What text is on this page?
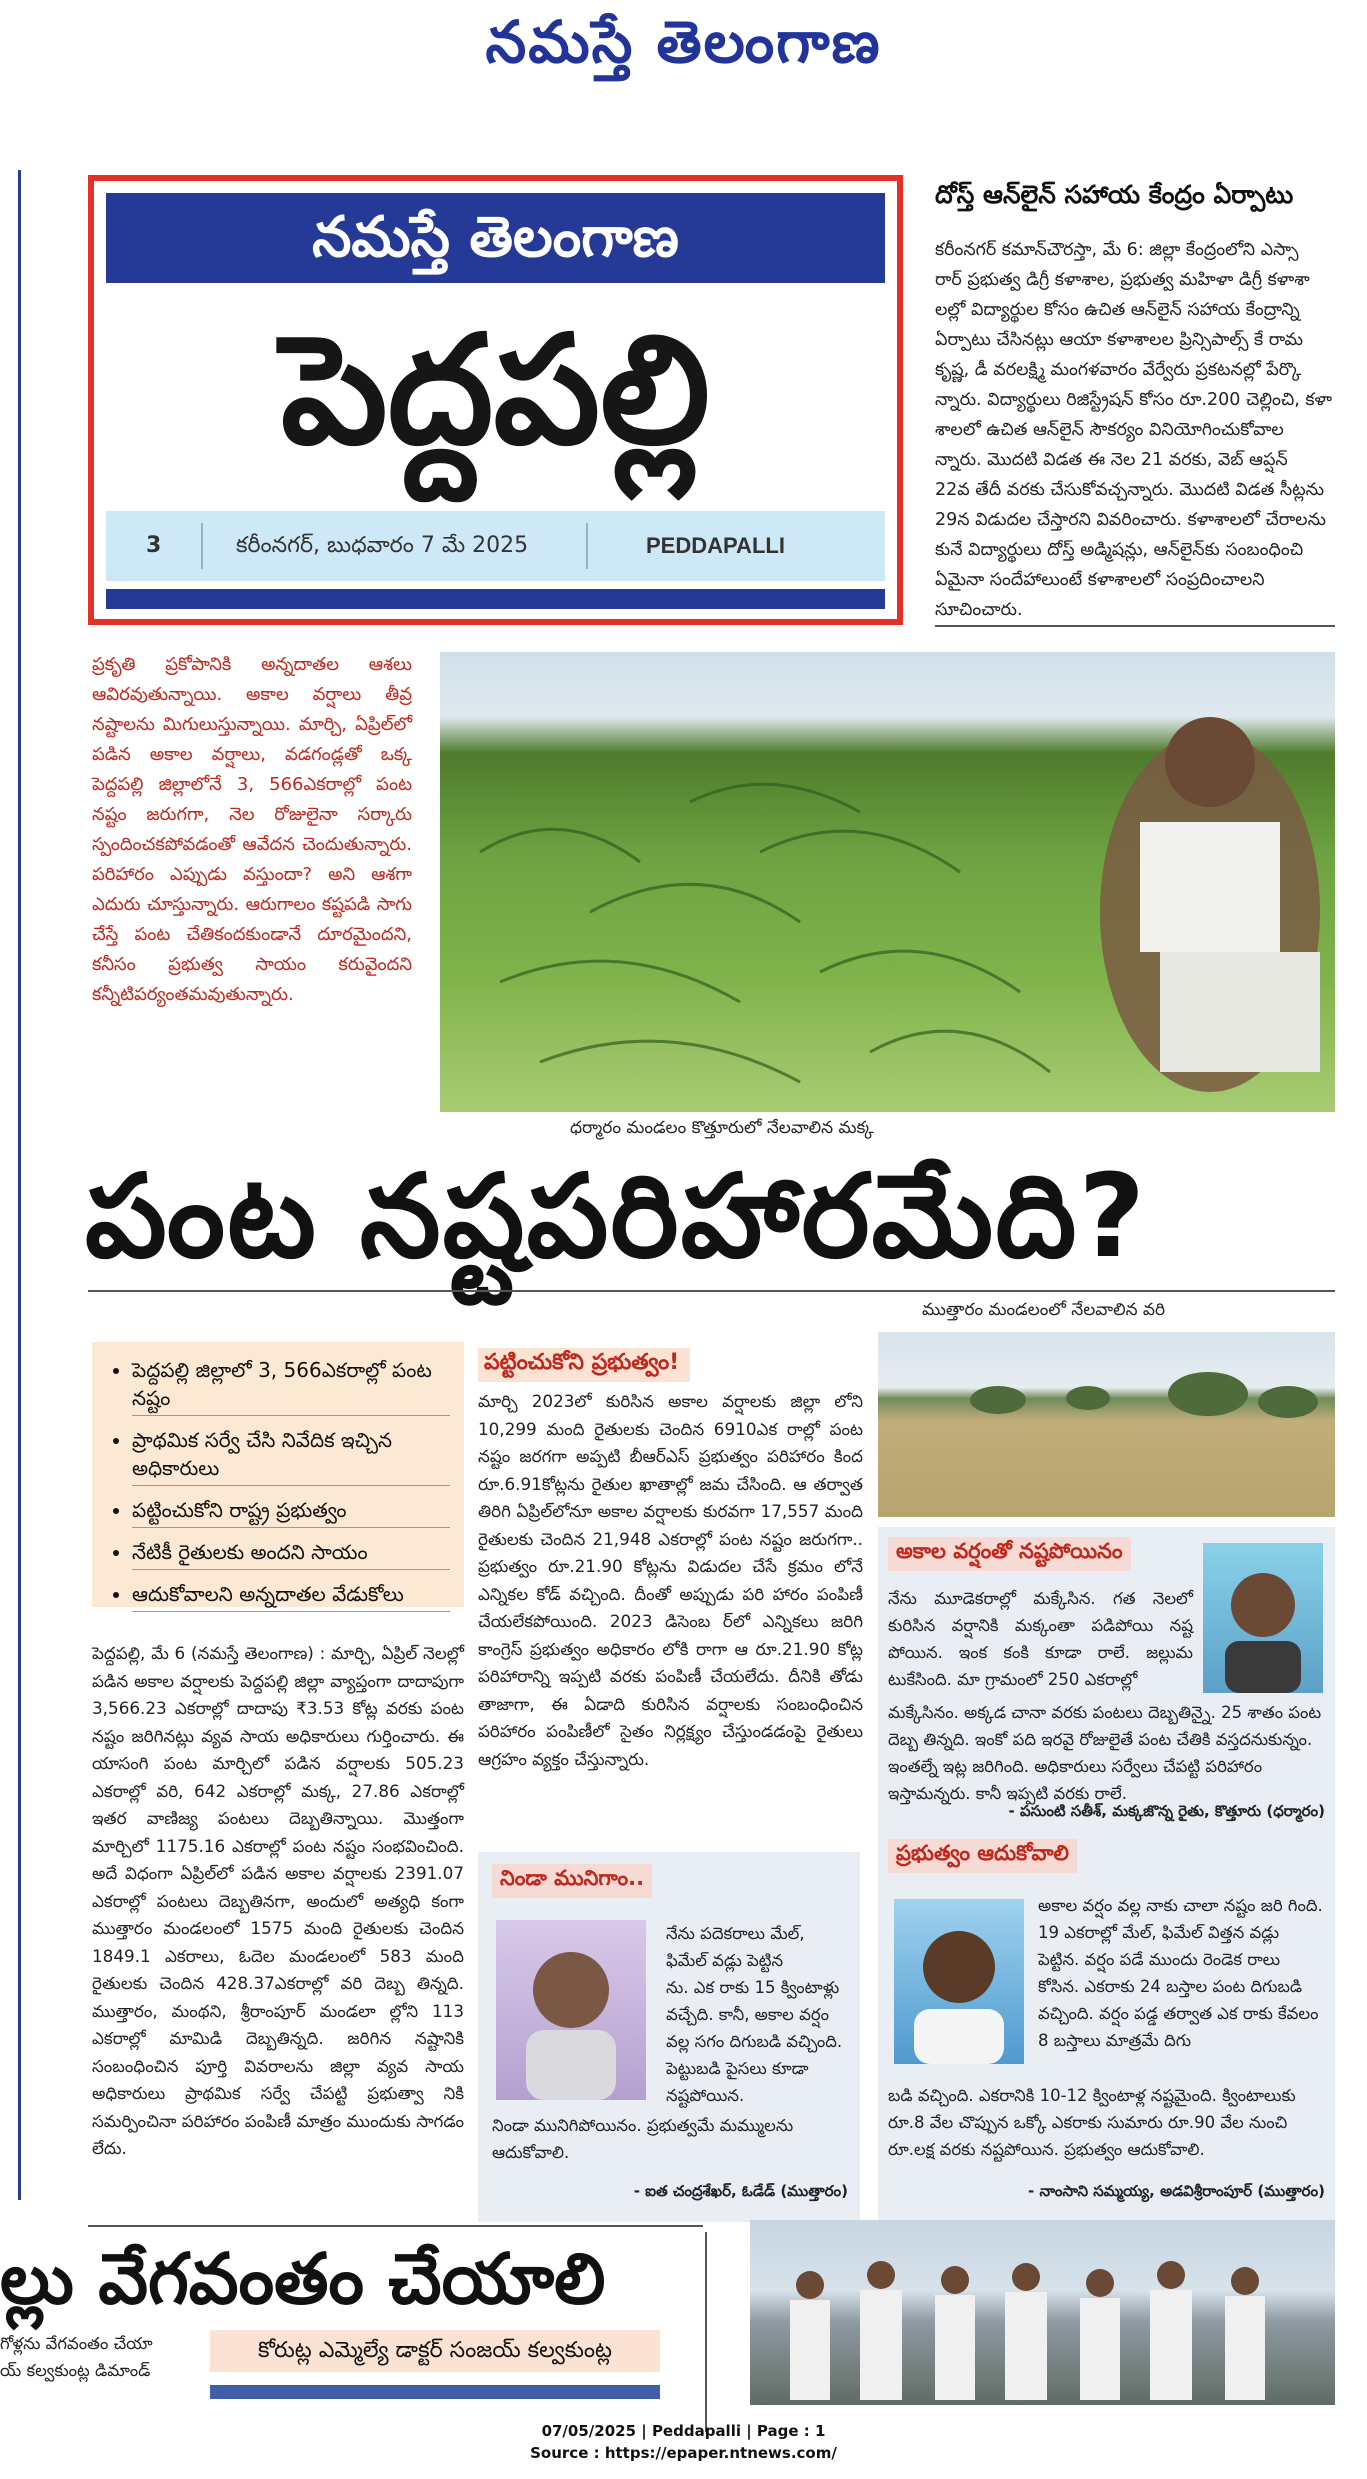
నమస్తే తెలంగాణ
నమస్తే తెలంగాణ
పెద్దపల్లి
3	కరీంనగర్, బుధవారం 7 మే 2025	PEDDAPALLI
దోస్త్ ఆన్‌లైన్ సహాయ కేంద్రం ఏర్పాటు
కరీంనగర్ కమాన్‌చౌరస్తా, మే 6: జిల్లా కేంద్రంలోని ఎస్సా
రార్ ప్రభుత్వ డిగ్రీ కళాశాల, ప్రభుత్వ మహిళా డిగ్రీ కళాశా
లల్లో విద్యార్థుల కోసం ఉచిత ఆన్‌లైన్ సహాయ కేంద్రాన్ని
ఏర్పాటు చేసినట్లు ఆయా కళాశాలల ప్రిన్సిపాల్స్ కే రామ
కృష్ణ, డీ వరలక్ష్మి మంగళవారం వేర్వేరు ప్రకటనల్లో పేర్కొ
న్నారు. విద్యార్థులు రిజిస్ట్రేషన్ కోసం రూ.200 చెల్లించి, కళా
శాలలో ఉచిత ఆన్‌లైన్ సౌకర్యం వినియోగించుకోవాల
న్నారు. మొదటి విడత ఈ నెల 21 వరకు, వెబ్ ఆప్షన్
22వ తేదీ వరకు చేసుకోవచ్చన్నారు. మొదటి విడత సీట్లను
29న విడుదల చేస్తారని వివరించారు. కళాశాలలో చేరాలను
కునే విద్యార్థులు దోస్త్ అడ్మిషన్లు, ఆన్‌లైన్‌కు సంబంధించి
ఏమైనా సందేహాలుంటే కళాశాలలో సంప్రదించాలని
సూచించారు.
ప్రకృతి ప్రకోపానికి అన్నదాతల ఆశలు ఆవిరవుతున్నాయి. అకాల వర్షాలు తీవ్ర నష్టాలను మిగులుస్తున్నాయి. మార్చి, ఏప్రిల్‌లో పడిన అకాల వర్షాలు, వడగండ్లతో ఒక్క పెద్దపల్లి జిల్లాలోనే 3, 566ఎకరాల్లో పంట నష్టం జరుగగా, నెల రోజులైనా సర్కారు స్పందించకపోవడంతో ఆవేదన చెందుతున్నారు. పరిహారం ఎప్పుడు వస్తుందా? అని ఆశగా ఎదురు చూస్తున్నారు. ఆరుగాలం కష్టపడి సాగు చేస్తే పంట చేతికందకుండానే దూరమైందని, కనీసం ప్రభుత్వ సాయం కరువైందని కన్నీటిపర్యంతమవుతున్నారు.
ధర్మారం మండలం కొత్తూరులో నేలవాలిన మక్క
పంట నష్టపరిహారమేది?
ముత్తారం మండలంలో నేలవాలిన వరి
• పెద్దపల్లి జిల్లాలో 3, 566ఎకరాల్లో పంట నష్టం
• ప్రాథమిక సర్వే చేసి నివేదిక ఇచ్చిన అధికారులు
• పట్టించుకోని రాష్ట్ర ప్రభుత్వం
• నేటికీ రైతులకు అందని సాయం
• ఆదుకోవాలని అన్నదాతల వేడుకోలు
పెద్దపల్లి, మే 6 (నమస్తే తెలంగాణ) : మార్చి, ఏప్రిల్ నెలల్లో పడిన అకాల వర్షాలకు పెద్దపల్లి జిల్లా వ్యాప్తంగా దాదాపుగా 3,566.23 ఎకరాల్లో దాదాపు ₹3.53 కోట్ల వరకు పంట నష్టం జరిగినట్లు వ్యవ సాయ అధికారులు గుర్తించారు. ఈ యాసంగి పంట మార్చిలో పడిన వర్షాలకు 505.23 ఎకరాల్లో వరి, 642 ఎకరాల్లో మక్క, 27.86 ఎకరాల్లో ఇతర వాణిజ్య పంటలు దెబ్బతిన్నాయి. మొత్తంగా మార్చిలో 1175.16 ఎకరాల్లో పంట నష్టం సంభవించింది. అదే విధంగా ఏప్రిల్‌లో పడిన అకాల వర్షాలకు 2391.07 ఎకరాల్లో పంటలు దెబ్బతినగా, అందులో అత్యధి కంగా ముత్తారం మండలంలో 1575 మంది రైతులకు చెందిన 1849.1 ఎకరాలు, ఓదెల మండలంలో 583 మంది రైతులకు చెందిన 428.37ఎకరాల్లో వరి దెబ్బ తిన్నది. ముత్తారం, మంథని, శ్రీరాంపూర్ మండలా ల్లోని 113 ఎకరాల్లో మామిడి దెబ్బతిన్నది. జరిగిన నష్టానికి సంబంధించిన పూర్తి వివరాలను జిల్లా వ్యవ సాయ అధికారులు ప్రాథమిక సర్వే చేపట్టి ప్రభుత్వా నికి సమర్పించినా పరిహారం పంపిణీ మాత్రం ముందుకు సాగడం లేదు.
పట్టించుకోని ప్రభుత్వం!
మార్చి 2023లో కురిసిన అకాల వర్షాలకు జిల్లా లోని 10,299 మంది రైతులకు చెందిన 6910ఎక రాల్లో పంట నష్టం జరగగా అప్పటి బీఆర్‌ఎస్ ప్రభుత్వం పరిహారం కింద రూ.6.91కోట్లను రైతుల ఖాతాల్లో జమ చేసింది. ఆ తర్వాత తిరిగి ఏప్రిల్‌లోనూ అకాల వర్షాలకు కురవగా 17,557 మంది రైతులకు చెందిన 21,948 ఎకరాల్లో పంట నష్టం జరుగగా.. ప్రభుత్వం రూ.21.90 కోట్లను విడుదల చేసే క్రమం లోనే ఎన్నికల కోడ్ వచ్చింది. దీంతో అప్పుడు పరి హారం పంపిణీ చేయలేకపోయింది. 2023 డిసెంబ ర్‌లో ఎన్నికలు జరిగి కాంగ్రెస్ ప్రభుత్వం అధికారం లోకి రాగా ఆ రూ.21.90 కోట్ల పరిహారాన్ని ఇప్పటి వరకు పంపిణీ చేయలేదు. దీనికి తోడు తాజాగా, ఈ ఏడాది కురిసిన వర్షాలకు సంబంధించిన పరిహారం పంపిణీలో సైతం నిర్లక్ష్యం చేస్తుండడంపై రైతులు ఆగ్రహం వ్యక్తం చేస్తున్నారు.
నిండా మునిగాం..
నేను పదెకరాలు మేల్, ఫిమేల్ వడ్లు పెట్టిన
ను. ఎక రాకు 15 క్వింటాళ్లు వచ్చేది. కానీ, అకాల వర్షం వల్ల సగం దిగుబడి వచ్చింది. పెట్టుబడి పైసలు కూడా నష్టపోయిన.
నిండా మునిగిపోయినం. ప్రభుత్వమే మమ్ములను ఆదుకోవాలి.
- ఐత చంద్రశేఖర్, ఓడేడ్ (ముత్తారం)
అకాల వర్షంతో నష్టపోయినం
నేను మూడెకరాల్లో మక్కేసిన. గత నెలలో కురిసిన వర్షానికి మక్కంతా పడిపోయి నష్ట పోయిన. ఇంక కంకి కూడా రాలే. జల్లుమ టుకేసింది. మా గ్రామంలో 250 ఎకరాల్లో
మక్కేసినం. అక్కడ చానా వరకు పంటలు దెబ్బతిన్నై. 25 శాతం పంట దెబ్బ తిన్నది. ఇంకో పది ఇరవై రోజులైతే పంట చేతికి వస్తదనుకున్నం. ఇంతల్నే ఇట్ల జరిగింది. అధికారులు సర్వేలు చేపట్టి పరిహారం ఇస్తామన్నరు. కానీ ఇప్పటి వరకు రాలే.
- పసుంటి సతీశ్, మక్కజొన్న రైతు, కొత్తూరు (ధర్మారం)
ప్రభుత్వం ఆదుకోవాలి
అకాల వర్షం వల్ల నాకు చాలా నష్టం జరి గింది. 19 ఎకరాల్లో మేల్, ఫిమేల్ విత్తన వడ్లు పెట్టిన. వర్షం పడే ముందు రెండెక రాలు కోసిన. ఎకరాకు 24 బస్తాల పంట దిగుబడి వచ్చింది. వర్షం పడ్డ తర్వాత ఎక రాకు కేవలం 8 బస్తాలు మాత్రమే దిగు
బడి వచ్చింది. ఎకరానికి 10-12 క్వింటాళ్ల నష్టమైంది. క్వింటాలుకు రూ.8 వేల చొప్పున ఒక్కో ఎకరాకు సుమారు రూ.90 వేల నుంచి రూ.లక్ష వరకు నష్టపోయిన. ప్రభుత్వం ఆదుకోవాలి.
- నాంసాని సమ్మయ్య, అడవిశ్రీరాంపూర్ (ముత్తారం)
ల్లు వేగవంతం చేయాలి
కోరుట్ల ఎమ్మెల్యే డాక్టర్ సంజయ్ కల్వకుంట్ల
గోళ్లను వేగవంతం చేయా
య్ కల్వకుంట్ల డిమాండ్
07/05/2025 | Peddapalli | Page : 1
Source : https://epaper.ntnews.com/
